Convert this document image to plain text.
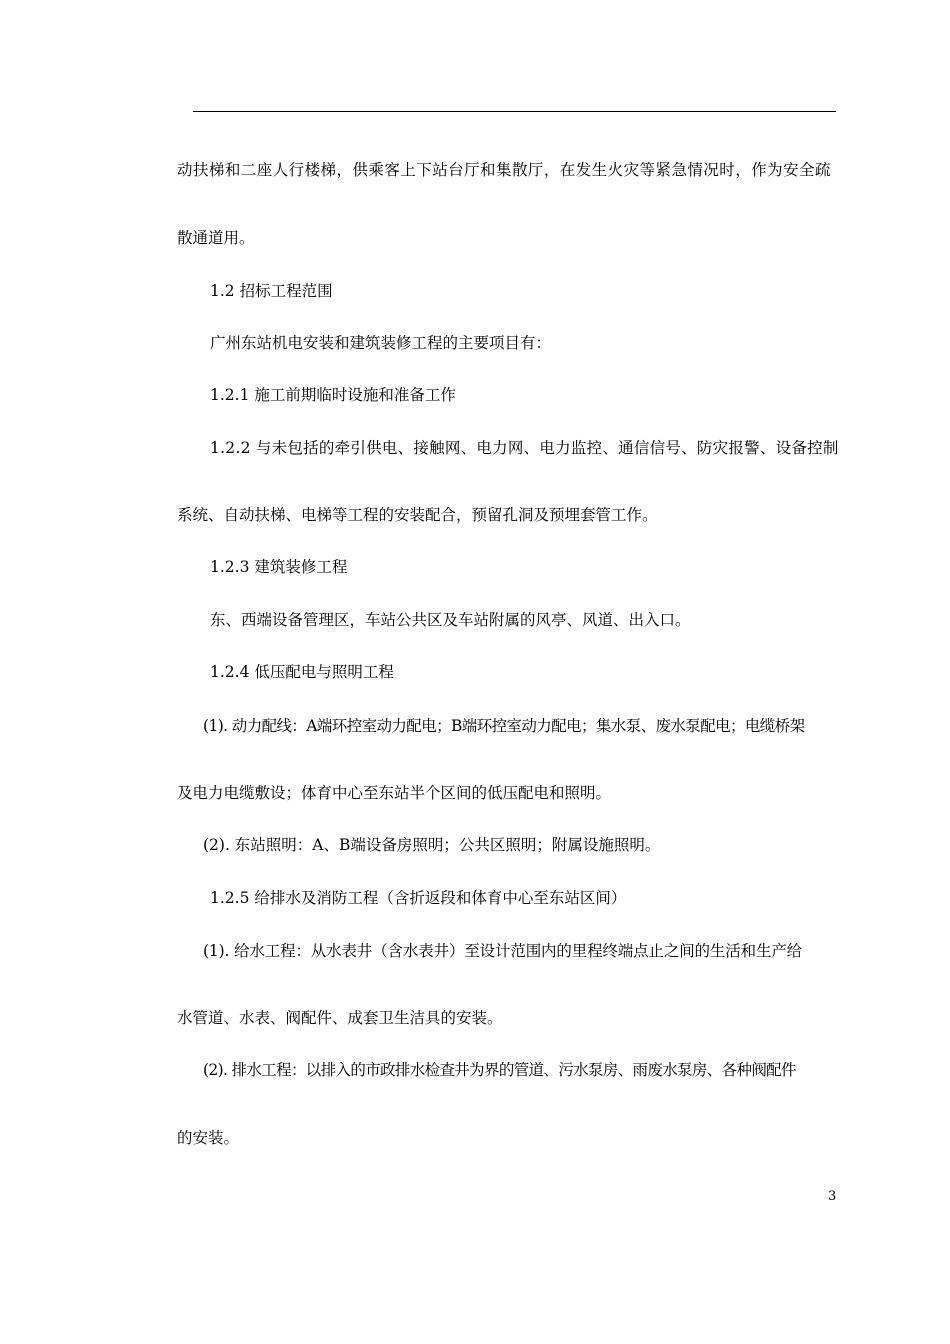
动扶梯和二座人行楼梯，供乘客上下站台厅和集散厅，在发生火灾等紧急情况时，作为安全疏

散通道用。

1.2 招标工程范围

广州东站机电安装和建筑装修工程的主要项目有：

1.2.1 施工前期临时设施和准备工作

1.2.2 与未包括的牵引供电、接触网、电力网、电力监控、通信信号、防灾报警、设备控制

系统、自动扶梯、电梯等工程的安装配合，预留孔洞及预埋套管工作。

1.2.3 建筑装修工程

东、西端设备管理区，车站公共区及车站附属的风亭、风道、出入口。

1.2.4 低压配电与照明工程

(1). 动力配线：A端环控室动力配电；B端环控室动力配电；集水泵、废水泵配电；电缆桥架

及电力电缆敷设；体育中心至东站半个区间的低压配电和照明。

(2). 东站照明：A、B端设备房照明；公共区照明；附属设施照明。

1.2.5 给排水及消防工程（含折返段和体育中心至东站区间）

(1). 给水工程：从水表井（含水表井）至设计范围内的里程终端点止之间的生活和生产给

水管道、水表、阀配件、成套卫生洁具的安装。

(2). 排水工程：以排入的市政排水检查井为界的管道、污水泵房、雨废水泵房、各种阀配件

的安装。

3
